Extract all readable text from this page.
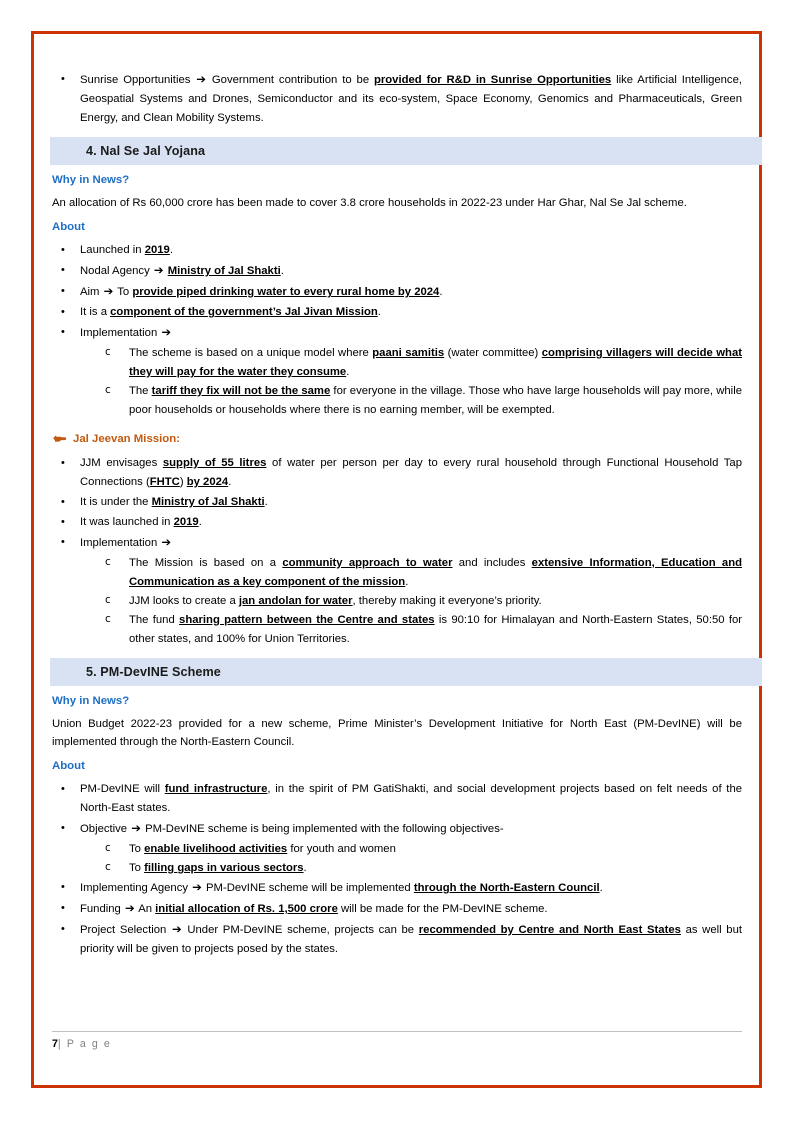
• Sunrise Opportunities ➔ Government contribution to be provided for R&D in Sunrise Opportunities like Artificial Intelligence, Geospatial Systems and Drones, Semiconductor and its eco-system, Space Economy, Genomics and Pharmaceuticals, Green Energy, and Clean Mobility Systems.
4. Nal Se Jal Yojana
Why in News?

An allocation of Rs 60,000 crore has been made to cover 3.8 crore households in 2022-23 under Har Ghar, Nal Se Jal scheme.

About
• Launched in 2019.
• Nodal Agency ➔ Ministry of Jal Shakti.
• Aim ➔ To provide piped drinking water to every rural home by 2024.
• It is a component of the government’s Jal Jivan Mission.
• Implementation ➔
c The scheme is based on a unique model where paani samitis (water committee) comprising villagers will decide what they will pay for the water they consume.
c The tariff they fix will not be the same for everyone in the village. Those who have large households will pay more, while poor households or households where there is no earning member, will be exempted.
Jal Jeevan Mission:
• JJM envisages supply of 55 litres of water per person per day to every rural household through Functional Household Tap Connections (FHTC) by 2024.
• It is under the Ministry of Jal Shakti.
• It was launched in 2019.
• Implementation ➔
c The Mission is based on a community approach to water and includes extensive Information, Education and Communication as a key component of the mission.
c JJM looks to create a jan andolan for water, thereby making it everyone’s priority.
c The fund sharing pattern between the Centre and states is 90:10 for Himalayan and North-Eastern States, 50:50 for other states, and 100% for Union Territories.
5. PM-DevINE Scheme
Why in News?

Union Budget 2022-23 provided for a new scheme, Prime Minister’s Development Initiative for North East (PM-DevINE) will be implemented through the North-Eastern Council.

About
• PM-DevINE will fund infrastructure, in the spirit of PM GatiShakti, and social development projects based on felt needs of the North-East states.
• Objective ➔ PM-DevINE scheme is being implemented with the following objectives-
c To enable livelihood activities for youth and women
c To filling gaps in various sectors.
• Implementing Agency ➔ PM-DevINE scheme will be implemented through the North-Eastern Council.
• Funding ➔ An initial allocation of Rs. 1,500 crore will be made for the PM-DevINE scheme.
• Project Selection ➔ Under PM-DevINE scheme, projects can be recommended by Centre and North East States as well but priority will be given to projects posed by the states.
7| P a g e
